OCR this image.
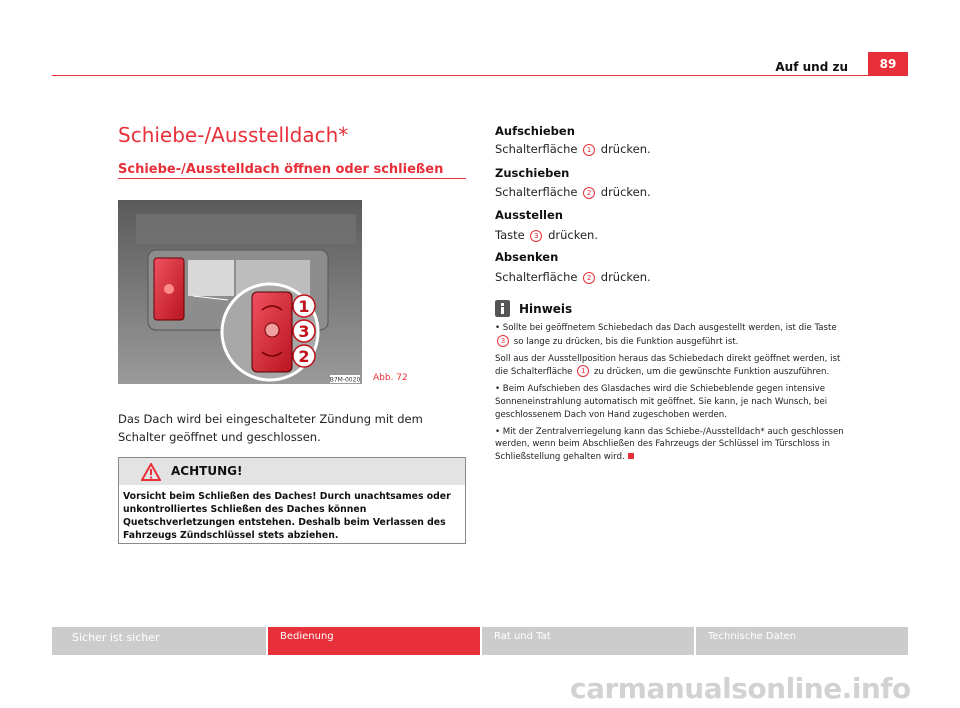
Auf und zu	89
Schiebe-/Ausstelldach*
Schiebe-/Ausstelldach öffnen oder schließen
1
3
2
B7M-0020 Abb. 72
Das Dach wird bei eingeschalteter Zündung mit dem Schalter geöffnet und geschlossen.
ACHTUNG!
Vorsicht beim Schließen des Daches! Durch unachtsames oder unkontrolliertes Schließen des Daches können Quetschverletzungen entstehen. Deshalb beim Verlassen des Fahrzeugs Zündschlüssel stets abziehen.
Aufschieben
Schalterfläche 1 drücken.
Zuschieben
Schalterfläche 2 drücken.
Ausstellen
Taste 3 drücken.
Absenken
Schalterfläche 2 drücken.
Hinweis

• Sollte bei geöffnetem Schiebedach das Dach ausgestellt werden, ist die Taste 3 so lange zu drücken, bis die Funktion ausgeführt ist.

Soll aus der Ausstellposition heraus das Schiebedach direkt geöffnet werden, ist die Schalterfläche 1 zu drücken, um die gewünschte Funktion auszuführen.

• Beim Aufschieben des Glasdaches wird die Schiebeblende gegen intensive Sonneneinstrahlung automatisch mit geöffnet. Sie kann, je nach Wunsch, bei geschlossenem Dach von Hand zugeschoben werden.

• Mit der Zentralverriegelung kann das Schiebe-/Ausstelldach* auch geschlossen werden, wenn beim Abschließen des Fahrzeugs der Schlüssel im Türschloss in Schließstellung gehalten wird.

Sicher ist sicher	Bedienung	Rat und Tat	Technische Daten
carmanualsonline.info
